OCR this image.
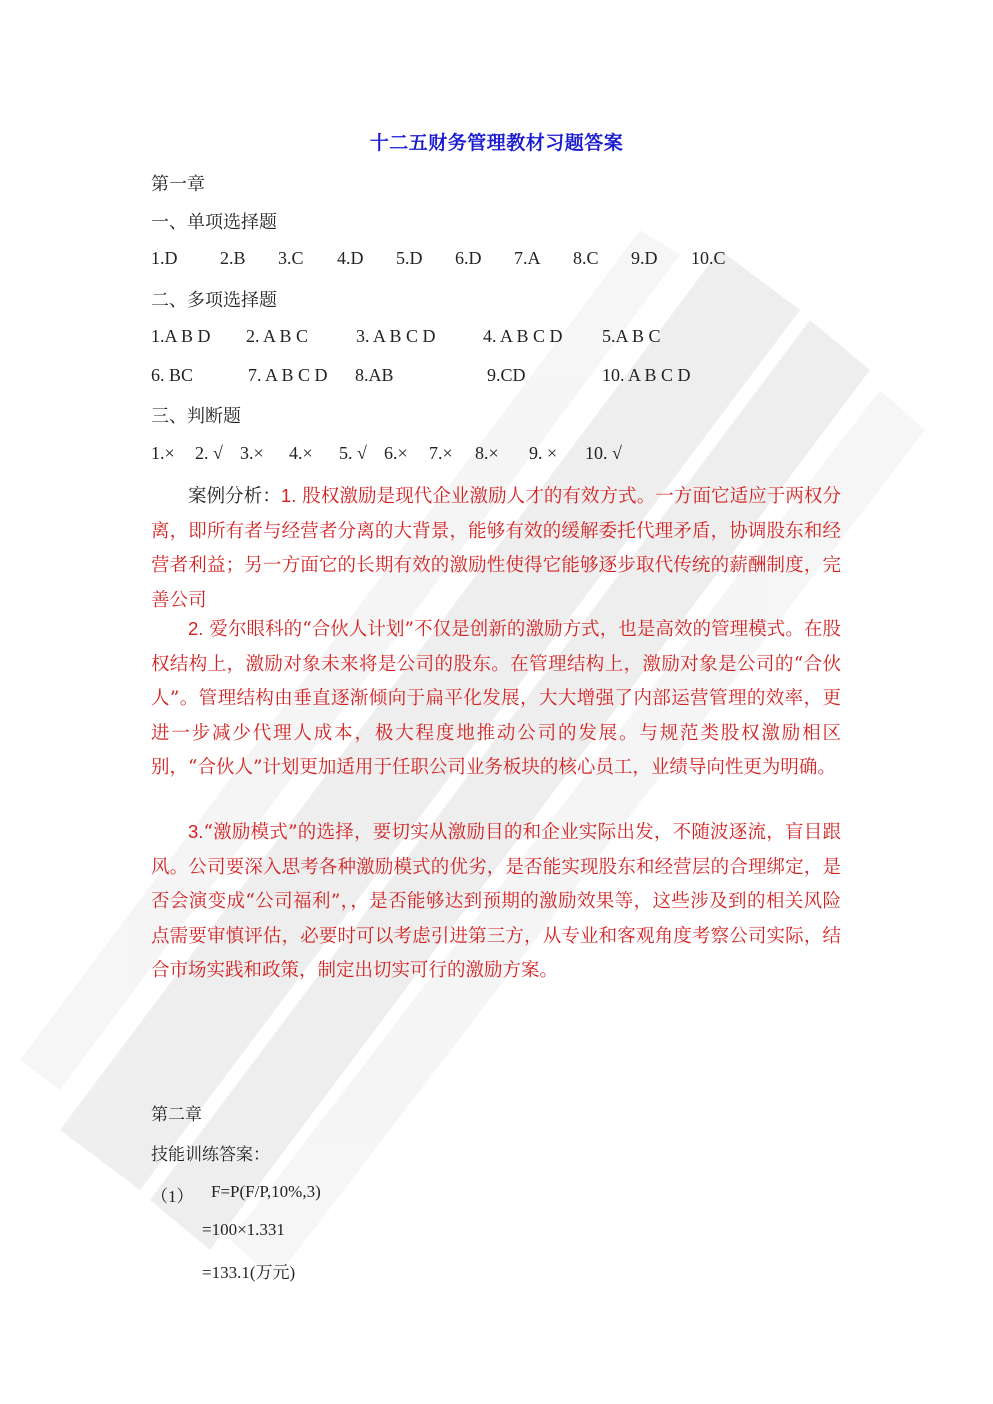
十二五财务管理教材习题答案
第一章
一、单项选择题
1.D 2.B 3.C 4.D 5.D 6.D 7.A 8.C 9.D 10.C
二、多项选择题
1.A B D 2. A B C	3. A B C D	4. A B C D 5.A B C
6. BC	7. A B C D 8.AB	9.CD	10. A B C D
三、判断题
1.× 2. √ 3.× 4.× 5. √ 6.× 7.× 8.× 9. × 10. √
案例分析：1. 股权激励是现代企业激励人才的有效方式。一方面它适应于两权分离，即所有者与经营者分离的大背景，能够有效的缓解委托代理矛盾，协调股东和经营者利益；另一方面它的长期有效的激励性使得它能够逐步取代传统的薪酬制度，完善公司
2. 爱尔眼科的“合伙人计划”不仅是创新的激励方式，也是高效的管理模式。在股权结构上，激励对象未来将是公司的股东。在管理结构上，激励对象是公司的“合伙人”。管理结构由垂直逐渐倾向于扁平化发展，大大增强了内部运营管理的效率，更进一步减少代理人成本，极大程度地推动公司的发展。与规范类股权激励相区别，“合伙人”计划更加适用于任职公司业务板块的核心员工，业绩导向性更为明确。
3.“激励模式”的选择，要切实从激励目的和企业实际出发，不随波逐流，盲目跟风。公司要深入思考各种激励模式的优劣，是否能实现股东和经营层的合理绑定，是否会演变成“公司福利”，，是否能够达到预期的激励效果等，这些涉及到的相关风险点需要审慎评估，必要时可以考虑引进第三方，从专业和客观角度考察公司实际，结合市场实践和政策，制定出切实可行的激励方案。
第二章
技能训练答案：
（1） F=P(F/P,10%,3)
=100×1.331
=133.1(万元)
